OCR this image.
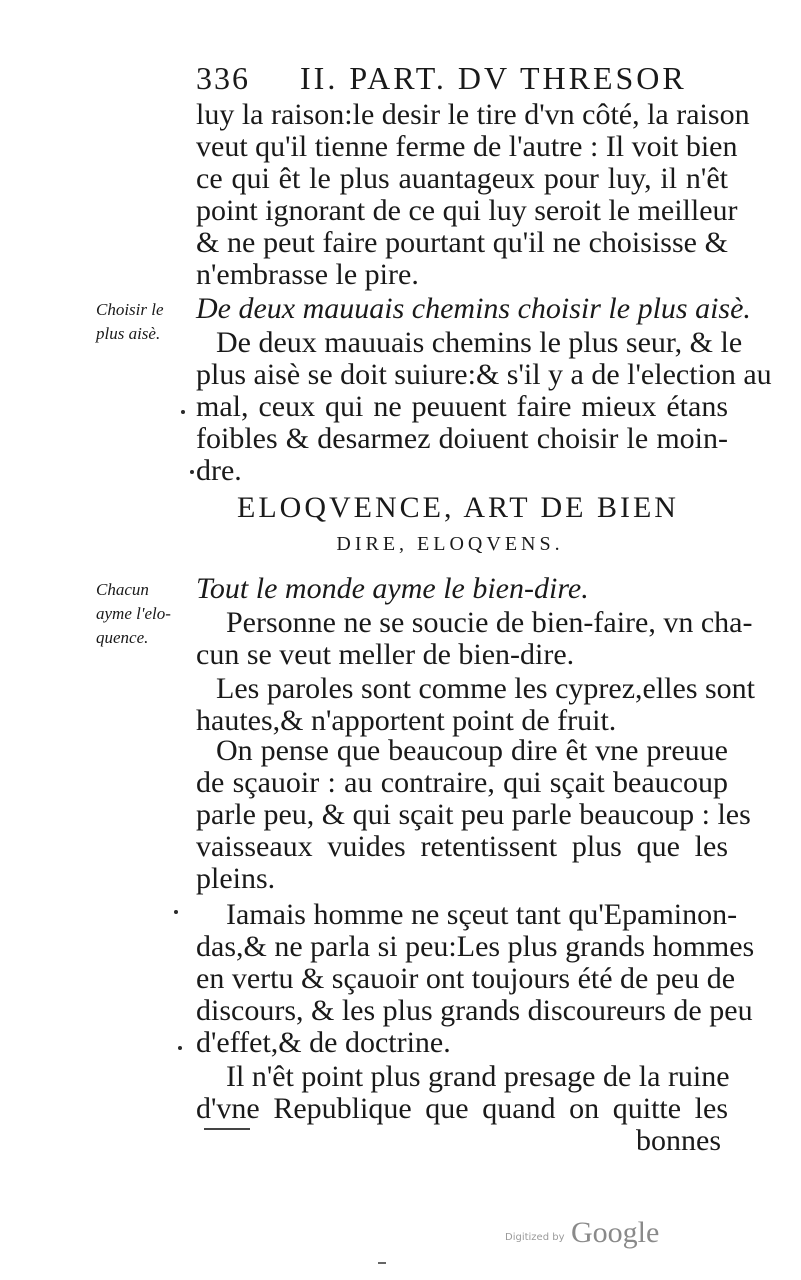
336 II. PART. DV THRESOR
luy la raison:le desir le tire d'vn côté, la raison
veut qu'il tienne ferme de l'autre : Il voit bien
ce qui êt le plus auantageux pour luy, il n'êt
point ignorant de ce qui luy seroit le meilleur
& ne peut faire pourtant qu'il ne choisisse &
n'embrasse le pire.
Choisir le
plus aisè.
De deux mauuais chemins choisir le plus aisè.
De deux mauuais chemins le plus seur, & le
plus aisè se doit suiure:& s'il y a de l'election au
mal, ceux qui ne peuuent faire mieux étans
foibles & desarmez doiuent choisir le moin-
dre.
ELOQVENCE, ART DE BIEN
DIRE, ELOQVENS.
Chacun
ayme l'elo-
quence.
Tout le monde ayme le bien-dire.
Personne ne se soucie de bien-faire, vn cha-
cun se veut meller de bien-dire.
Les paroles sont comme les cyprez,elles sont
hautes,& n'apportent point de fruit.
On pense que beaucoup dire êt vne preuue
de sçauoir : au contraire, qui sçait beaucoup
parle peu, & qui sçait peu parle beaucoup : les
vaisseaux vuides retentissent plus que les
pleins.
Iamais homme ne sçeut tant qu'Epaminon-
das,& ne parla si peu:Les plus grands hommes
en vertu & sçauoir ont toujours été de peu de
discours, & les plus grands discoureurs de peu
d'effet,& de doctrine.
Il n'êt point plus grand presage de la ruine
d'vne Republique que quand on quitte les
bonnes
Digitized by Google
